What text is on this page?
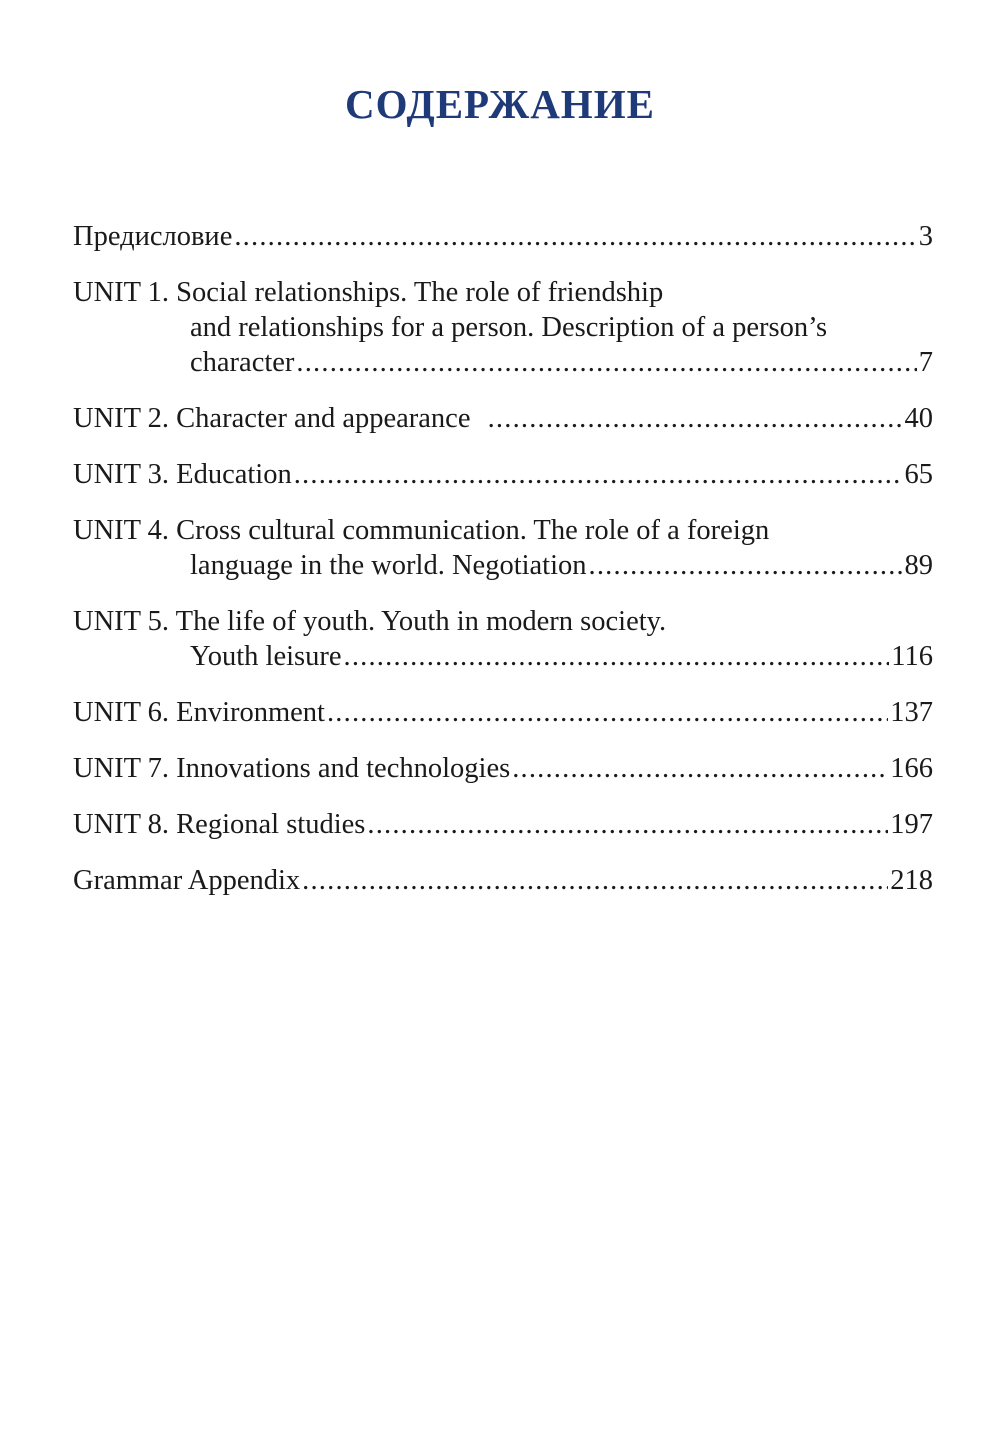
СОДЕРЖАНИЕ
Предисловие .....	3
UNIT 1. Social relationships. The role of friendship
and relationships for a person. Description of a person’s
character .....	7
UNIT 2. Character and appearance .....	40
UNIT 3. Education .....	65
UNIT 4. Cross cultural communication. The role of a foreign
language in the world. Negotiation .....	89
UNIT 5. The life of youth. Youth in modern society.
Youth leisure .....	116
UNIT 6. Environment .....	137
UNIT 7. Innovations and technologies .....	166
UNIT 8. Regional studies .....	197
Grammar Appendix .....	218
